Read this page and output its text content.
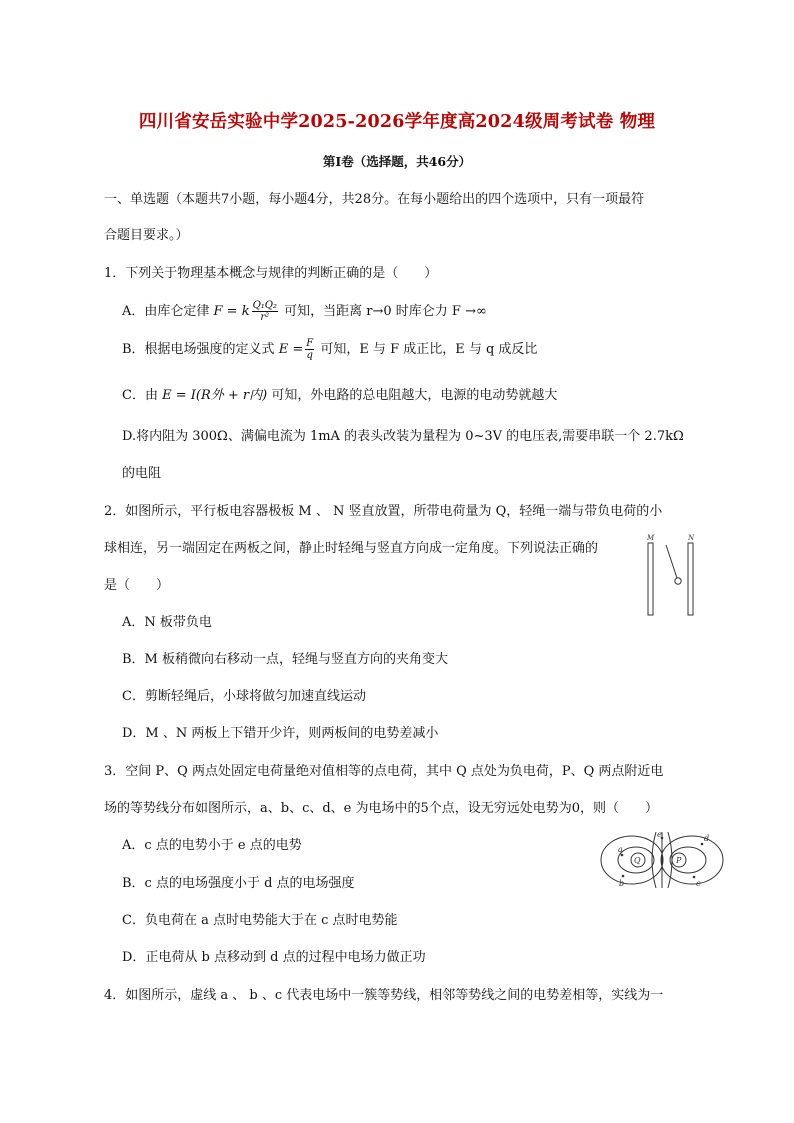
四川省安岳实验中学2025-2026学年度高2024级周考试卷 物理
第I卷（选择题，共46分）
一、单选题（本题共7小题，每小题4分，共28分。在每小题给出的四个选项中，只有一项最符
合题目要求。）
1．下列关于物理基本概念与规律的判断正确的是（　　）
A．由库仑定律 F = k $\frac{\text{Q₁Q₂}}{\text{r²}}$ 可知，当距离 r→0 时库仑力 F →∞
B．根据电场强度的定义式 $E = \frac{F}{q}$ 可知，E 与 F 成正比，E 与 q 成反比
C．由 E = I(R外 + r内) 可知，外电路的总电阻越大，电源的电动势就越大
D.将内阻为 300Ω、满偏电流为 1mA 的表头改装为量程为 0~3V 的电压表,需要串联一个 2.7kΩ
的电阻
2．如图所示，平行板电容器极板 M 、 N 竖直放置，所带电荷量为 Q，轻绳一端与带负电荷的小
球相连，另一端固定在两板之间，静止时轻绳与竖直方向成一定角度。下列说法正确的
是（　　）
M	N
A．N 板带负电
B．M 板稍微向右移动一点，轻绳与竖直方向的夹角变大
C．剪断轻绳后，小球将做匀加速直线运动
D．M 、N 两板上下错开少许，则两板间的电势差减小
3．空间 P、Q 两点处固定电荷量绝对值相等的点电荷，其中 Q 点处为负电荷，P、Q 两点附近电
场的等势线分布如图所示，a、b、c、d、e 为电场中的5个点，设无穷远处电势为0，则（　　）
Q	P
a
b	c
d
e
A．c 点的电势小于 e 点的电势
B．c 点的电场强度小于 d 点的电场强度
C．负电荷在 a 点时电势能大于在 c 点时电势能
D．正电荷从 b 点移动到 d 点的过程中电场力做正功
4．如图所示，虚线 a 、 b 、c 代表电场中一簇等势线，相邻等势线之间的电势差相等，实线为一
